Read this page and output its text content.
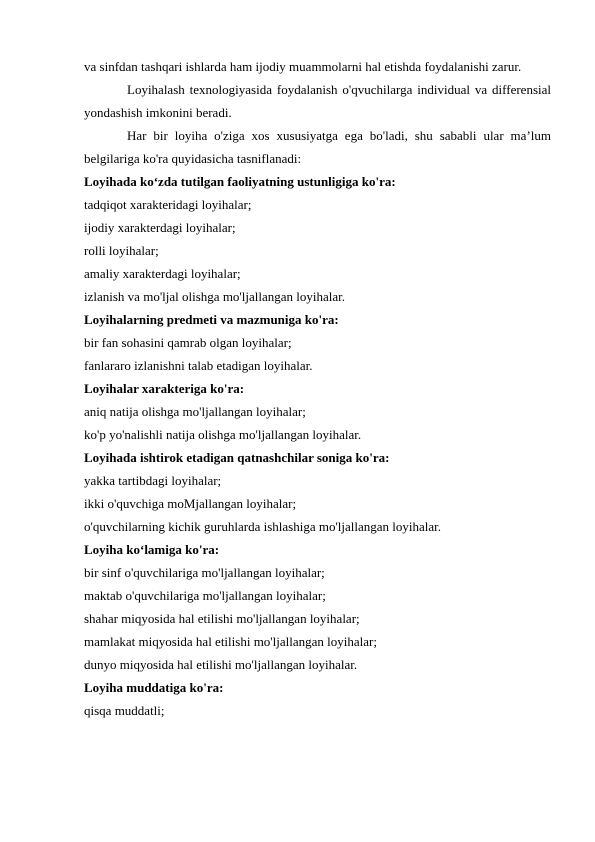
va sinfdan tashqari ishlarda ham ijodiy muammolarni hal etishda foydalanishi zarur.

Loyihalash texnologiyasida foydalanish o'qvuchilarga individual va differensial yondashish imkonini beradi.

Har bir loyiha o'ziga xos xususiyatga ega bo'ladi, shu sababli ular ma’lum belgilariga ko'ra quyidasicha tasniflanadi:

Loyihada ko‘zda tutilgan faoliyatning ustunligiga ko'ra:

tadqiqot xarakteridagi loyihalar;

ijodiy xarakterdagi loyihalar;

rolli loyihalar;

amaliy xarakterdagi loyihalar;

izlanish va mo'ljal olishga mo'ljallangan loyihalar.

Loyihalarning predmeti va mazmuniga ko'ra:

bir fan sohasini qamrab olgan loyihalar;

fanlararo izlanishni talab etadigan loyihalar.

Loyihalar xarakteriga ko'ra:

aniq natija olishga mo'ljallangan loyihalar;

ko'p yo'nalishli natija olishga mo'ljallangan loyihalar.

Loyihada ishtirok etadigan qatnashchilar soniga ko'ra:

yakka tartibdagi loyihalar;

ikki o'quvchiga moMjallangan loyihalar;

o'quvchilarning kichik guruhlarda ishlashiga mo'ljallangan loyihalar.

Loyiha ko‘lamiga ko'ra:

bir sinf o'quvchilariga mo'ljallangan loyihalar;

maktab o'quvchilariga mo'ljallangan loyihalar;

shahar miqyosida hal etilishi mo'ljallangan loyihalar;

mamlakat miqyosida hal etilishi mo'ljallangan loyihalar;

dunyo miqyosida hal etilishi mo'ljallangan loyihalar.

Loyiha muddatiga ko'ra:

qisqa muddatli;
